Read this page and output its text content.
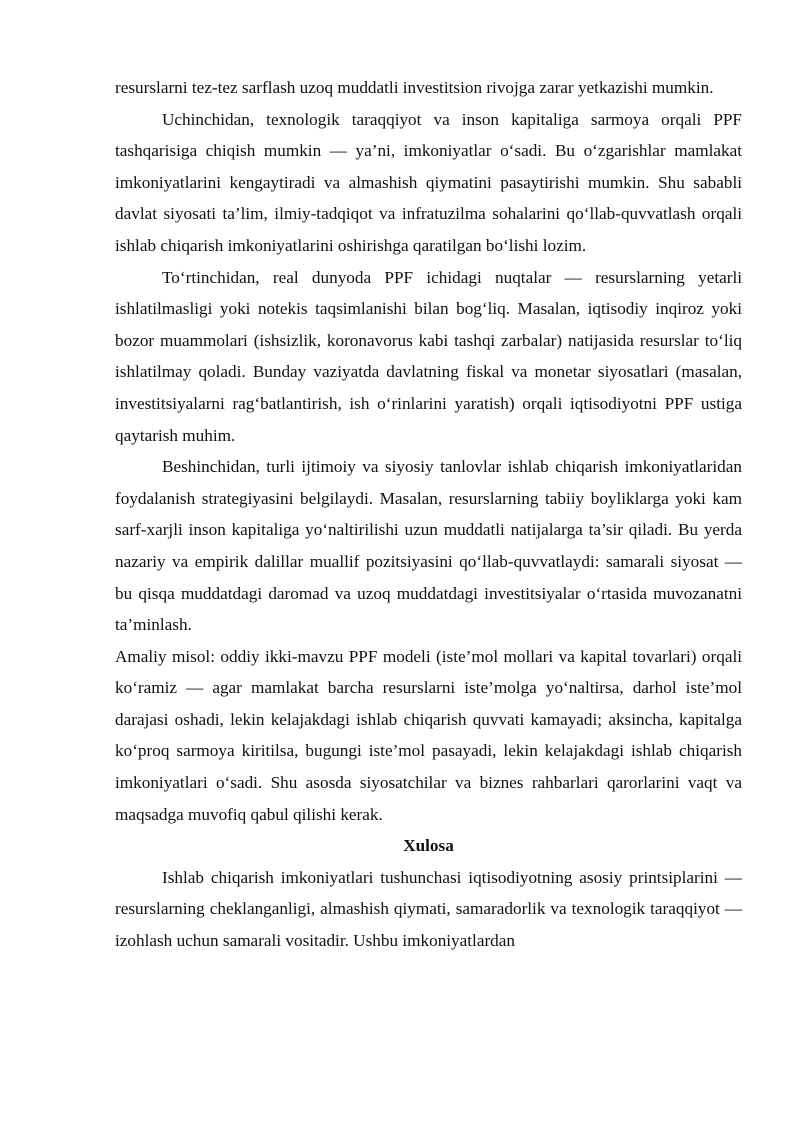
resurslarni tez-tez sarflash uzoq muddatli investitsion rivojga zarar yetkazishi mumkin.

Uchinchidan, texnologik taraqqiyot va inson kapitaliga sarmoya orqali PPF tashqarisiga chiqish mumkin — ya’ni, imkoniyatlar o‘sadi. Bu o‘zgarishlar mamlakat imkoniyatlarini kengaytiradi va almashish qiymatini pasaytirishi mumkin. Shu sababli davlat siyosati ta’lim, ilmiy-tadqiqot va infratuzilma sohalarini qo‘llab-quvvatlash orqali ishlab chiqarish imkoniyatlarini oshirishga qaratilgan bo‘lishi lozim.

To‘rtinchidan, real dunyoda PPF ichidagi nuqtalar — resurslarning yetarli ishlatilmasligi yoki notekis taqsimlanishi bilan bog‘liq. Masalan, iqtisodiy inqiroz yoki bozor muammolari (ishsizlik, koronavorus kabi tashqi zarbalar) natijasida resurslar to‘liq ishlatilmay qoladi. Bunday vaziyatda davlatning fiskal va monetar siyosatlari (masalan, investitsiyalarni rag‘batlantirish, ish o‘rinlarini yaratish) orqali iqtisodiyotni PPF ustiga qaytarish muhim.

Beshinchidan, turli ijtimoiy va siyosiy tanlovlar ishlab chiqarish imkoniyatlaridan foydalanish strategiyasini belgilaydi. Masalan, resurslarning tabiiy boyliklarga yoki kam sarf-xarjli inson kapitaliga yo‘naltirilishi uzun muddatli natijalarga ta’sir qiladi. Bu yerda nazariy va empirik dalillar muallif pozitsiyasini qo‘llab-quvvatlaydi: samarali siyosat — bu qisqa muddatdagi daromad va uzoq muddatdagi investitsiyalar o‘rtasida muvozanatni ta’minlash.

Amaliy misol: oddiy ikki-mavzu PPF modeli (iste’mol mollari va kapital tovarlari) orqali ko‘ramiz — agar mamlakat barcha resurslarni iste’molga yo‘naltirsa, darhol iste’mol darajasi oshadi, lekin kelajakdagi ishlab chiqarish quvvati kamayadi; aksincha, kapitalga ko‘proq sarmoya kiritilsa, bugungi iste’mol pasayadi, lekin kelajakdagi ishlab chiqarish imkoniyatlari o‘sadi. Shu asosda siyosatchilar va biznes rahbarlari qarorlarini vaqt va maqsadga muvofiq qabul qilishi kerak.

Xulosa

Ishlab chiqarish imkoniyatlari tushunchasi iqtisodiyotning asosiy printsiplarini — resurslarning cheklanganligi, almashish qiymati, samaradorlik va texnologik taraqqiyot — izohlash uchun samarali vositadir. Ushbu imkoniyatlardan
